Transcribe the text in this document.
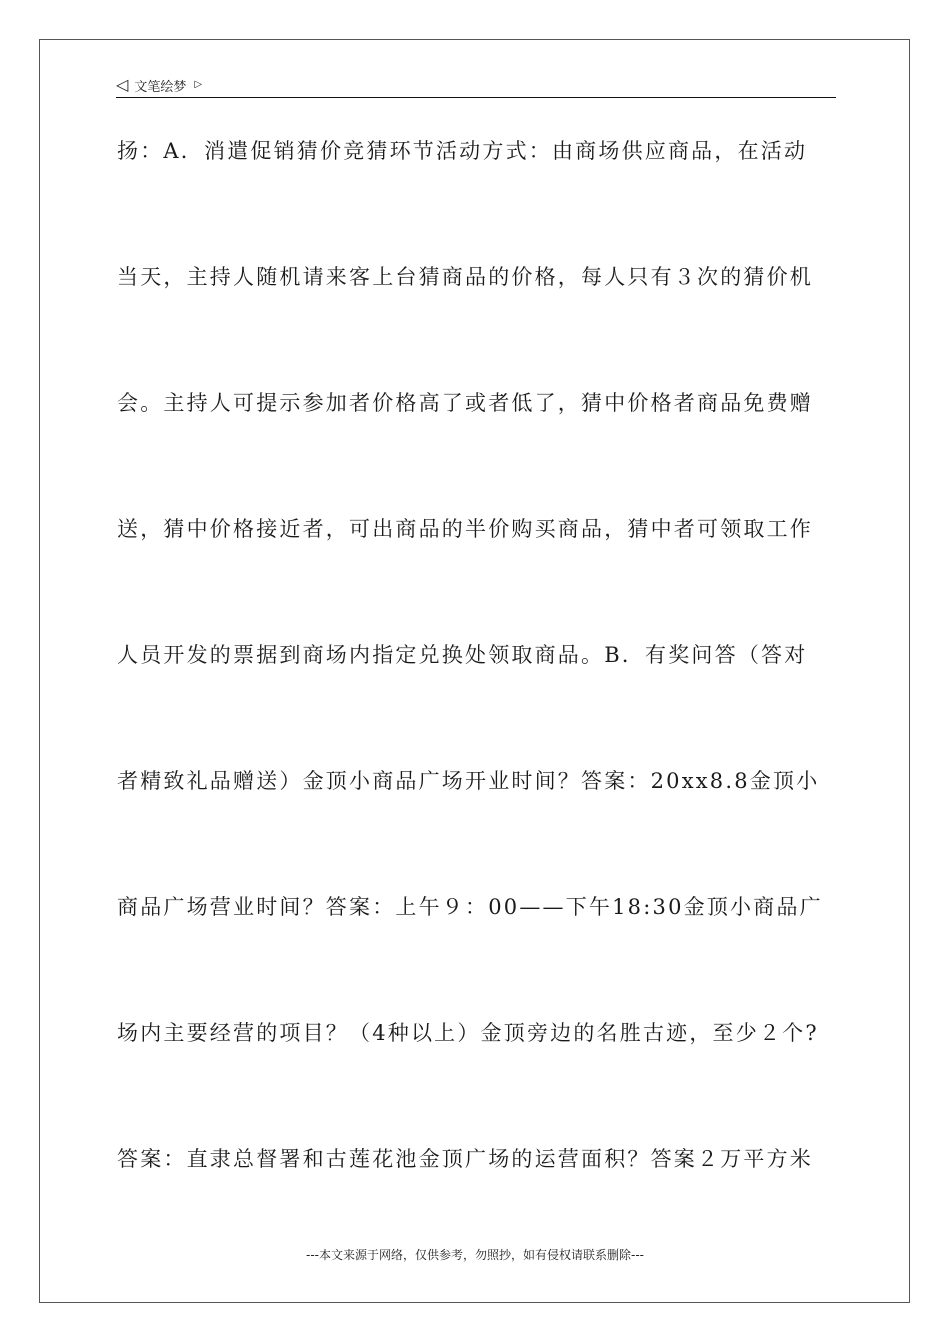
◁ 文笔绘梦 ▷
扬：A．消遣促销猜价竞猜环节活动方式：由商场供应商品，在活动
当天，主持人随机请来客上台猜商品的价格，每人只有３次的猜价机
会。主持人可提示参加者价格高了或者低了，猜中价格者商品免费赠
送，猜中价格接近者，可出商品的半价购买商品，猜中者可领取工作
人员开发的票据到商场内指定兑换处领取商品。B．有奖问答（答对
者精致礼品赠送）金顶小商品广场开业时间？答案：20xx8.8金顶小
商品广场营业时间？答案：上午９：00——下午18:30金顶小商品广
场内主要经营的项目？（4种以上）金顶旁边的名胜古迹，至少２个?
答案：直隶总督署和古莲花池金顶广场的运营面积？答案２万平方米
---本文来源于网络，仅供参考，勿照抄，如有侵权请联系删除---
